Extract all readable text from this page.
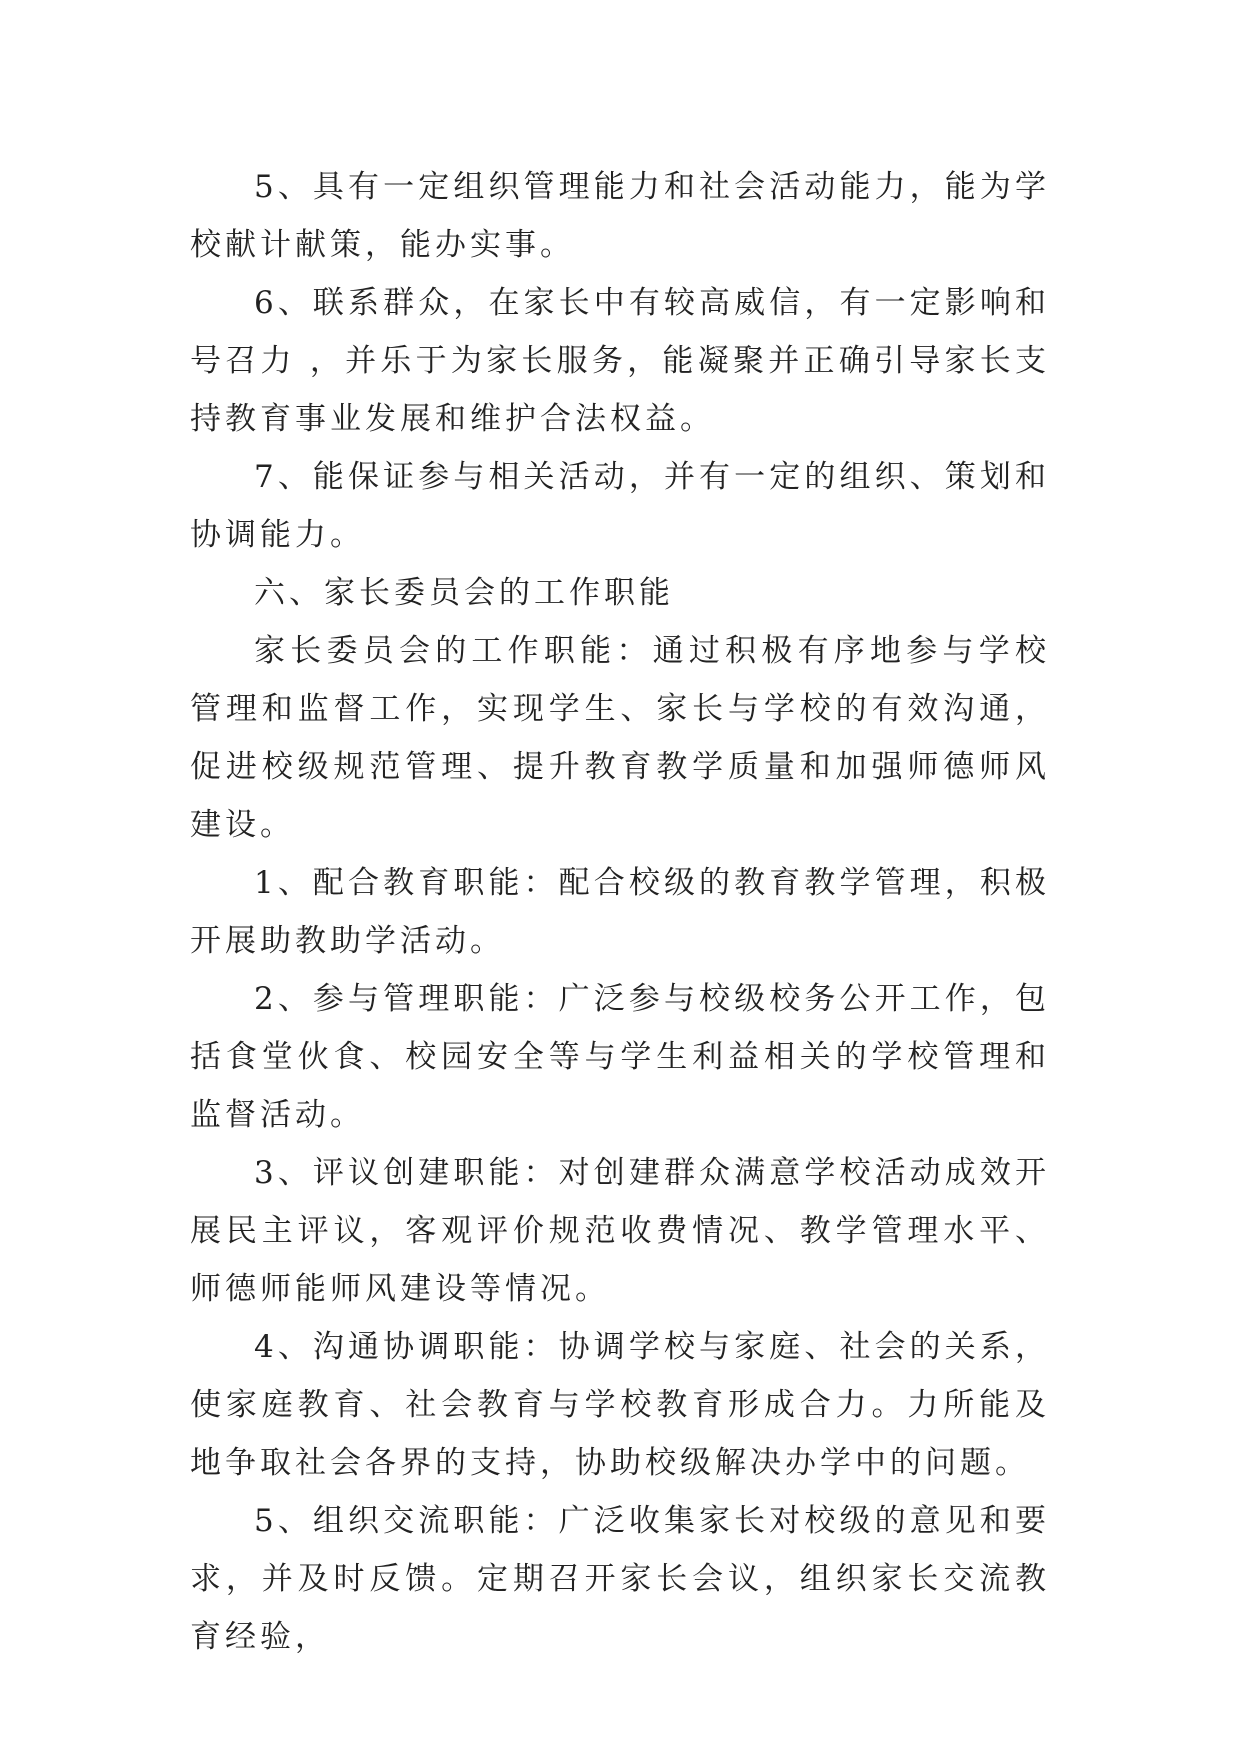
5、具有一定组织管理能力和社会活动能力，能为学校献计献策，能办实事。

6、联系群众，在家长中有较高威信，有一定影响和号召力 ，并乐于为家长服务，能凝聚并正确引导家长支持教育事业发展和维护合法权益。

7、能保证参与相关活动，并有一定的组织、策划和协调能力。

六、家长委员会的工作职能

家长委员会的工作职能：通过积极有序地参与学校管理和监督工作，实现学生、家长与学校的有效沟通，促进校级规范管理、提升教育教学质量和加强师德师风建设。

1、配合教育职能：配合校级的教育教学管理，积极开展助教助学活动。

2、参与管理职能：广泛参与校级校务公开工作，包括食堂伙食、校园安全等与学生利益相关的学校管理和监督活动。

3、评议创建职能：对创建群众满意学校活动成效开展民主评议，客观评价规范收费情况、教学管理水平、师德师能师风建设等情况。

4、沟通协调职能：协调学校与家庭、社会的关系，使家庭教育、社会教育与学校教育形成合力。力所能及地争取社会各界的支持，协助校级解决办学中的问题。

5、组织交流职能：广泛收集家长对校级的意见和要求，并及时反馈。定期召开家长会议，组织家长交流教育经验，
